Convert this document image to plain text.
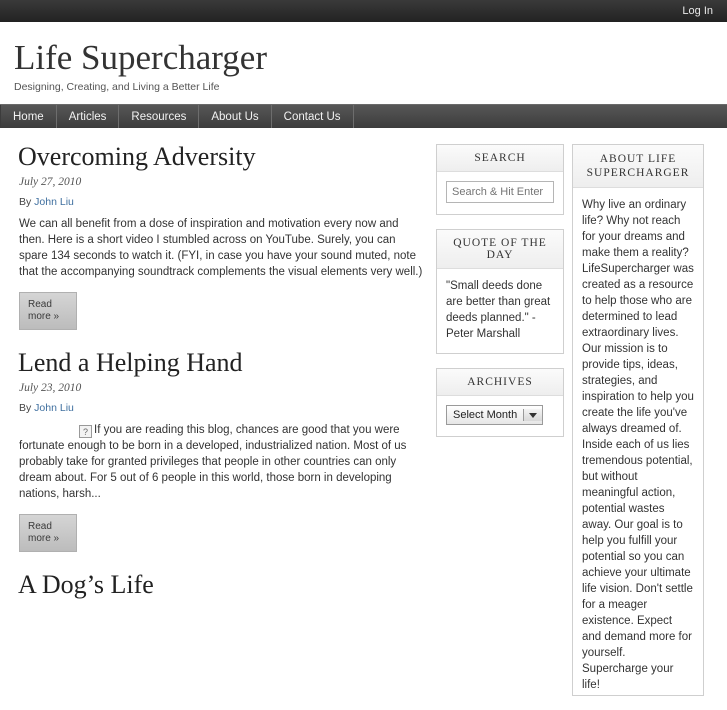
Log In
Life Supercharger
Designing, Creating, and Living a Better Life
Home	Articles	Resources	About Us	Contact Us
Overcoming Adversity
July 27, 2010
By John Liu

We can all benefit from a dose of inspiration and motivation every now and then. Here is a short video I stumbled across on YouTube. Surely, you can spare 134 seconds to watch it. (FYI, in case you have your sound muted, note that the accompanying soundtrack complements the visual elements very well.)

Read more »
Lend a Helping Hand
July 23, 2010
By John Liu

? If you are reading this blog, chances are good that you were fortunate enough to be born in a developed, industrialized nation. Most of us probably take for granted privileges that people in other countries can only dream about. For 5 out of 6 people in this world, those born in developing nations, harsh...

Read more »
A Dog’s Life
SEARCH
Search & Hit Enter
QUOTE OF THE DAY
"Small deeds done are better than great deeds planned." - Peter Marshall
ARCHIVES
Select Month
ABOUT LIFE SUPERCHARGER
Why live an ordinary life? Why not reach for your dreams and make them a reality? LifeSupercharger was created as a resource to help those who are determined to lead extraordinary lives. Our mission is to provide tips, ideas, strategies, and inspiration to help you create the life you've always dreamed of. Inside each of us lies tremendous potential, but without meaningful action, potential wastes away. Our goal is to help you fulfill your potential so you can achieve your ultimate life vision. Don't settle for a meager existence. Expect and demand more for yourself. Supercharge your life!
